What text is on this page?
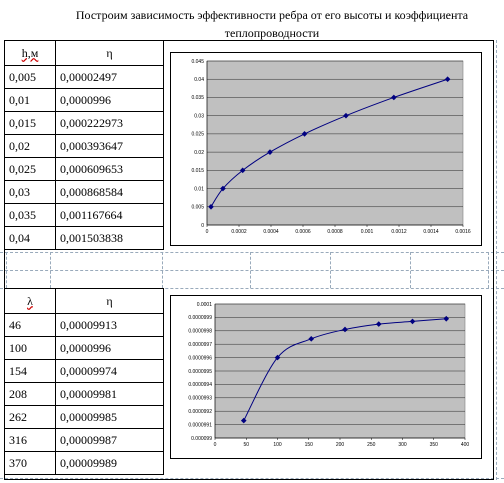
Построим зависимость эффективности ребра от его высоты и коэффициента
теплопроводности
h,м	η
0,005	0,00002497
0,01	0,0000996
0,015	0,000222973
0,02	0,000393647
0,025	0,000609653
0,03	0,000868584
0,035	0,001167664
0,04	0,001503838
λ	η
46	0,00009913
100	0,0000996
154	0,00009974
208	0,00009981
262	0,00009985
316	0,00009987
370	0,00009989
0
0.005
0.01
0.015
0.02
0.025
0.03
0.035
0.04
0.045
0	0.0002	0.0004	0.0006	0.0008	0.001	0.0012	0.0014	0.0016
0.000099
0.0000991
0.0000992
0.0000993
0.0000994
0.0000995
0.0000996
0.0000997
0.0000998
0.0000999
0.0001
0	50	100	150	200	250	300	350	400
